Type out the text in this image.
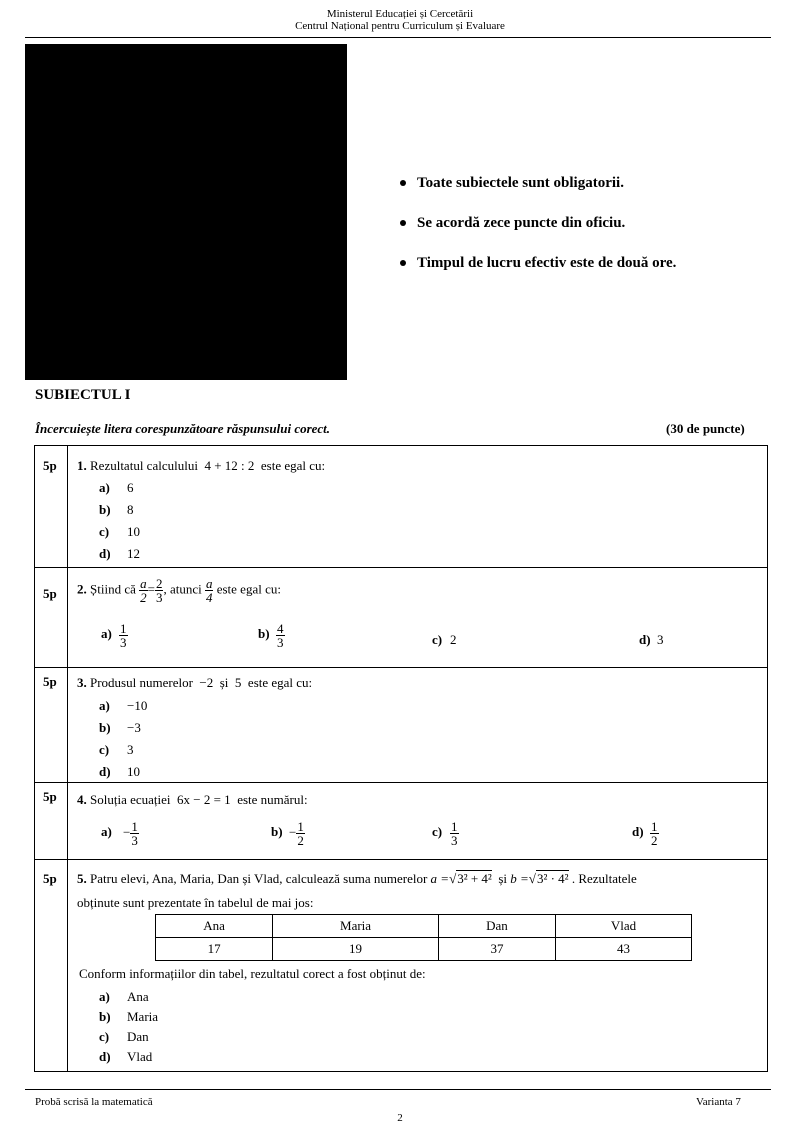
Ministerul Educației și Cercetării
Centrul Național pentru Curriculum și Evaluare
Toate subiectele sunt obligatorii.
Se acordă zece puncte din oficiu.
Timpul de lucru efectiv este de două ore.
SUBIECTUL I
Încercuiește litera corespunzătoare răspunsului corect.	(30 de puncte)
5p 1. Rezultatul calculului 4 + 12 : 2 este egal cu:
a) 6
b) 8
c) 10
d) 12
5p 2. Știind că $\frac{a}{2} = \frac{2}{3}$ , atunci $\frac{a}{4}$ este egal cu:
$a) \frac{1}{3}$	$b) \frac{4}{3}$	c) 2	d) 3
5p 3. Produsul numerelor −2 și 5 este egal cu:
a) −10
b) −3
c) 3
d) 10
5p 4. Soluția ecuației 6x − 2 = 1 este numărul:
$a) - \frac{1}{3}$	$b) - \frac{1}{2}$	$c) \frac{1}{3}$	$d) \frac{1}{2}$
5p 5. Patru elevi, Ana, Maria, Dan și Vlad, calculează suma numerelor a =√3² + 4² și b =√3² · 4² . Rezultatele
obținute sunt prezentate în tabelul de mai jos:
Ana	Maria	Dan	Vlad
17	19	37	43
Conform informațiilor din tabel, rezultatul corect a fost obținut de:
a) Ana
b) Maria
c) Dan
d) Vlad
Probă scrisă la matematică	Varianta 7
2
